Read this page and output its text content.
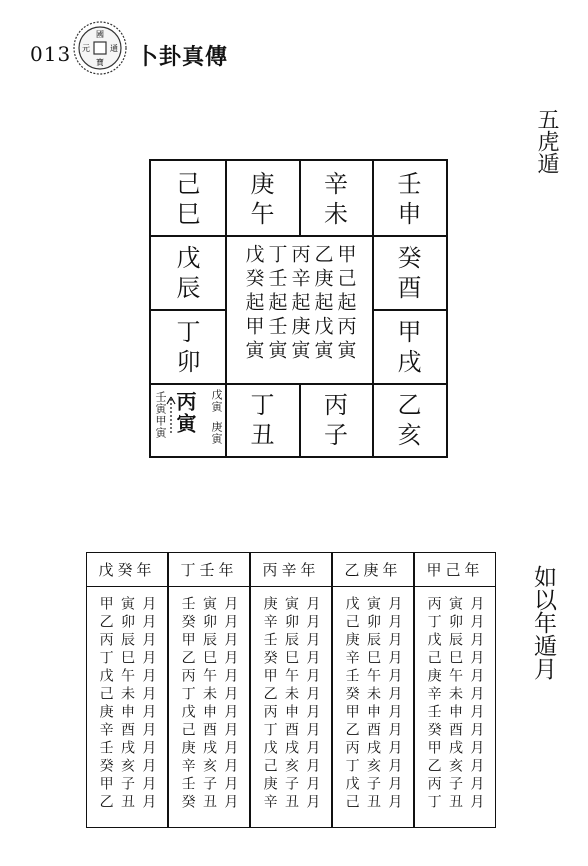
013
國
寶
元	通 卜卦真傳
五虎遁
如以年遁月
己
巳
庚
午
辛
未
壬
申
戊
辰
癸
酉
丁
卯
甲
戌
丁
丑
丙
子
乙
亥
甲己起丙寅
乙庚起戊寅
丙辛起庚寅
丁壬起壬寅
戊癸起甲寅
壬寅甲寅 丙寅 戊寅
庚寅
甲己年
月月月月月月月月月月月月
寅卯辰巳午未申酉戌亥子丑
丙丁戊己庚辛壬癸甲乙丙丁
乙庚年
月月月月月月月月月月月月
寅卯辰巳午未申酉戌亥子丑
戊己庚辛壬癸甲乙丙丁戊己
丙辛年
月月月月月月月月月月月月
寅卯辰巳午未申酉戌亥子丑
庚辛壬癸甲乙丙丁戊己庚辛
丁壬年
月月月月月月月月月月月月
寅卯辰巳午未申酉戌亥子丑
壬癸甲乙丙丁戊己庚辛壬癸
戊癸年
月月月月月月月月月月月月
寅卯辰巳午未申酉戌亥子丑
甲乙丙丁戊己庚辛壬癸甲乙
